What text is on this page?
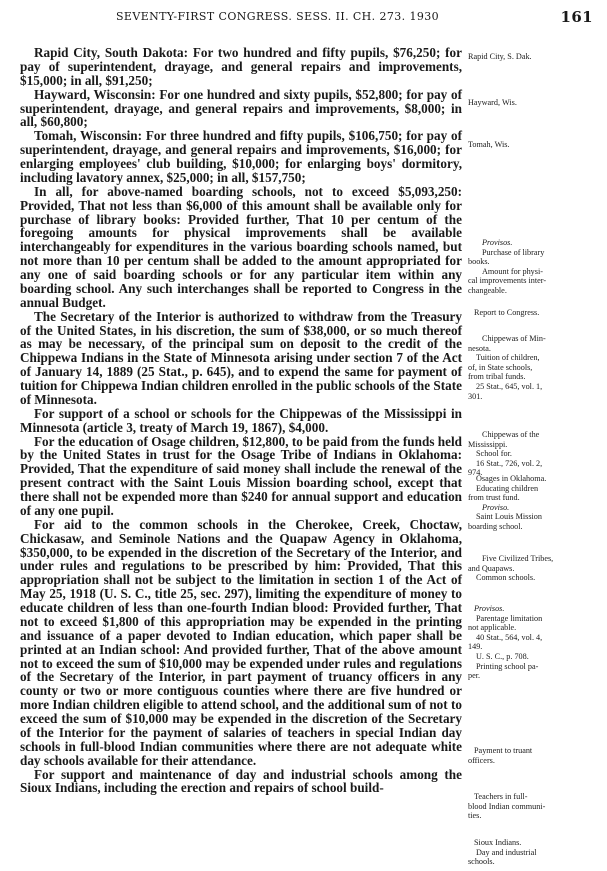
SEVENTY-FIRST CONGRESS. SESS. II. CH. 273. 1930	161

Rapid City, South Dakota: For two hundred and fifty pupils, $76,250; for pay of superintendent, drayage, and general repairs and improvements, $15,000; in all, $91,250;

Hayward, Wisconsin: For one hundred and sixty pupils, $52,800; for pay of superintendent, drayage, and general repairs and improvements, $8,000; in all, $60,800;

Tomah, Wisconsin: For three hundred and fifty pupils, $106,750; for pay of superintendent, drayage, and general repairs and improvements, $16,000; for enlarging employees' club building, $10,000; for enlarging boys' dormitory, including lavatory annex, $25,000; in all, $157,750;

In all, for above-named boarding schools, not to exceed $5,093,250: Provided, That not less than $6,000 of this amount shall be available only for purchase of library books: Provided further, That 10 per centum of the foregoing amounts for physical improvements shall be available interchangeably for expenditures in the various boarding schools named, but not more than 10 per centum shall be added to the amount appropriated for any one of said boarding schools or for any particular item within any boarding school. Any such interchanges shall be reported to Congress in the annual Budget.

The Secretary of the Interior is authorized to withdraw from the Treasury of the United States, in his discretion, the sum of $38,000, or so much thereof as may be necessary, of the principal sum on deposit to the credit of the Chippewa Indians in the State of Minnesota arising under section 7 of the Act of January 14, 1889 (25 Stat., p. 645), and to expend the same for payment of tuition for Chippewa Indian children enrolled in the public schools of the State of Minnesota.

For support of a school or schools for the Chippewas of the Mississippi in Minnesota (article 3, treaty of March 19, 1867), $4,000.

For the education of Osage children, $12,800, to be paid from the funds held by the United States in trust for the Osage Tribe of Indians in Oklahoma: Provided, That the expenditure of said money shall include the renewal of the present contract with the Saint Louis Mission boarding school, except that there shall not be expended more than $240 for annual support and education of any one pupil.

For aid to the common schools in the Cherokee, Creek, Choctaw, Chickasaw, and Seminole Nations and the Quapaw Agency in Oklahoma, $350,000, to be expended in the discretion of the Secretary of the Interior, and under rules and regulations to be prescribed by him: Provided, That this appropriation shall not be subject to the limitation in section 1 of the Act of May 25, 1918 (U. S. C., title 25, sec. 297), limiting the expenditure of money to educate children of less than one-fourth Indian blood: Provided further, That not to exceed $1,800 of this appropriation may be expended in the printing and issuance of a paper devoted to Indian education, which paper shall be printed at an Indian school: And provided further, That of the above amount not to exceed the sum of $10,000 may be expended under rules and regulations of the Secretary of the Interior, in part payment of truancy officers in any county or two or more contiguous counties where there are five hundred or more Indian children eligible to attend school, and the additional sum of not to exceed the sum of $10,000 may be expended in the discretion of the Secretary of the Interior for the payment of salaries of teachers in special Indian day schools in full-blood Indian communities where there are not adequate white day schools available for their attendance.

For support and maintenance of day and industrial schools among the Sioux Indians, including the erection and repairs of school build-

Rapid City, S. Dak.
Hayward, Wis.
Tomah, Wis.
Provisos.
Purchase of library
books.
Amount for physi-
cal improvements inter-
changeable.
Report to Congress.
Chippewas of Min-
nesota.
Tuition of children,
of, in State schools,
from tribal funds.
25 Stat., 645, vol. 1,
301.
Chippewas of the
Mississippi.
School for.
16 Stat., 726, vol. 2,
974.
Osages in Oklahoma.
Educating children
from trust fund.
Proviso.
Saint Louis Mission
boarding school.
Five Civilized Tribes,
and Quapaws.
Common schools.
Provisos.
Parentage limitation
not applicable.
40 Stat., 564, vol. 4,
149.
U. S. C., p. 708.
Printing school pa-
per.
Payment to truant
officers.
Teachers in full-
blood Indian communi-
ties.
Sioux Indians.
Day and industrial
schools.
